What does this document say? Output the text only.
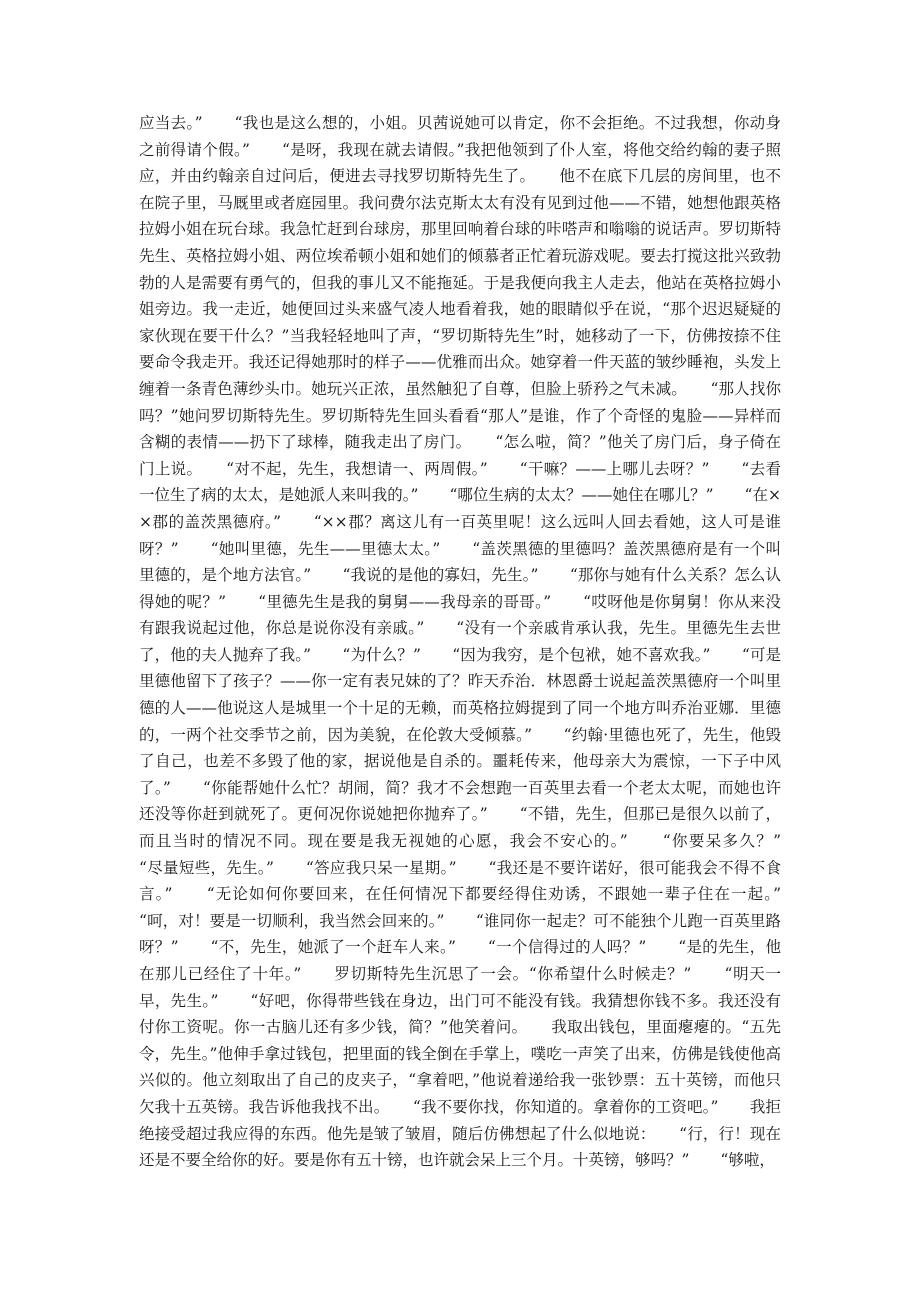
应当去。”　　“我也是这么想的，小姐。贝茜说她可以肯定，你不会拒绝。不过我想，你动身之前得请个假。”　　“是呀，我现在就去请假。”我把他领到了仆人室，将他交给约翰的妻子照应，并由约翰亲自过问后，便进去寻找罗切斯特先生了。　　他不在底下几层的房间里，也不在院子里，马厩里或者庭园里。我问费尔法克斯太太有没有见到过他——不错，她想他跟英格拉姆小姐在玩台球。我急忙赶到台球房，那里回响着台球的咔嗒声和嗡嗡的说话声。罗切斯特先生、英格拉姆小姐、两位埃希顿小姐和她们的倾慕者正忙着玩游戏呢。要去打搅这批兴致勃勃的人是需要有勇气的，但我的事儿又不能拖延。于是我便向我主人走去，他站在英格拉姆小姐旁边。我一走近，她便回过头来盛气凌人地看着我，她的眼睛似乎在说，“那个迟迟疑疑的家伙现在要干什么？”当我轻轻地叫了声，“罗切斯特先生”时，她移动了一下，仿佛按捺不住要命令我走开。我还记得她那时的样子——优雅而出众。她穿着一件天蓝的皱纱睡袍，头发上缠着一条青色薄纱头巾。她玩兴正浓，虽然触犯了自尊，但脸上骄矜之气未减。　　“那人找你吗？”她问罗切斯特先生。罗切斯特先生回头看看“那人”是谁，作了个奇怪的鬼脸——异样而含糊的表情——扔下了球棒，随我走出了房门。　　“怎么啦，简？”他关了房门后，身子倚在门上说。　　“对不起，先生，我想请一、两周假。”　　“干嘛？——上哪儿去呀？”　　“去看一位生了病的太太，是她派人来叫我的。”　　“哪位生病的太太？——她住在哪儿？”　　“在××郡的盖茨黑德府。”　　“××郡？离这儿有一百英里呢！这么远叫人回去看她，这人可是谁呀？”　　“她叫里德，先生——里德太太。”　　“盖茨黑德的里德吗？盖茨黑德府是有一个叫里德的，是个地方法官。”　　“我说的是他的寡妇，先生。”　　“那你与她有什么关系？怎么认得她的呢？”　　“里德先生是我的舅舅——我母亲的哥哥。”　　“哎呀他是你舅舅！你从来没有跟我说起过他，你总是说你没有亲戚。”　　“没有一个亲戚肯承认我，先生。里德先生去世了，他的夫人抛弃了我。”　　“为什么？”　　“因为我穷，是个包袱，她不喜欢我。”　　“可是里德他留下了孩子？——你一定有表兄妹的了？昨天乔治．林恩爵士说起盖茨黑德府一个叫里德的人——他说这人是城里一个十足的无赖，而英格拉姆提到了同一个地方叫乔治亚娜．里德的，一两个社交季节之前，因为美貌，在伦敦大受倾慕。”　　“约翰·里德也死了，先生，他毁了自己，也差不多毁了他的家，据说他是自杀的。噩耗传来，他母亲大为震惊，一下子中风了。”　　“你能帮她什么忙？胡闹，简？我才不会想跑一百英里去看一个老太太呢，而她也许还没等你赶到就死了。更何况你说她把你抛弃了。”　　“不错，先生，但那已是很久以前了，而且当时的情况不同。现在要是我无视她的心愿，我会不安心的。”　　“你要呆多久？”　　“尽量短些，先生。”　　“答应我只呆一星期。”　　“我还是不要许诺好，很可能我会不得不食言。”　　“无论如何你要回来，在任何情况下都要经得住劝诱，不跟她一辈子住在一起。”　　“呵，对！要是一切顺利，我当然会回来的。”　　“谁同你一起走？可不能独个儿跑一百英里路呀？”　　“不，先生，她派了一个赶车人来。”　　“一个信得过的人吗？”　　“是的先生，他在那儿已经住了十年。”　　罗切斯特先生沉思了一会。“你希望什么时候走？”　　“明天一早，先生。”　　“好吧，你得带些钱在身边，出门可不能没有钱。我猜想你钱不多。我还没有付你工资呢。你一古脑儿还有多少钱，简？”他笑着问。　　我取出钱包，里面瘪瘪的。“五先令，先生。”他伸手拿过钱包，把里面的钱全倒在手掌上，噗吃一声笑了出来，仿佛是钱使他高兴似的。他立刻取出了自己的皮夹子，“拿着吧，”他说着递给我一张钞票：五十英镑，而他只欠我十五英镑。我告诉他我找不出。　　“我不要你找，你知道的。拿着你的工资吧。”　　我拒绝接受超过我应得的东西。他先是皱了皱眉，随后仿佛想起了什么似地说：　　“行，行！现在还是不要全给你的好。要是你有五十镑，也许就会呆上三个月。十英镑，够吗？”　　“够啦，
